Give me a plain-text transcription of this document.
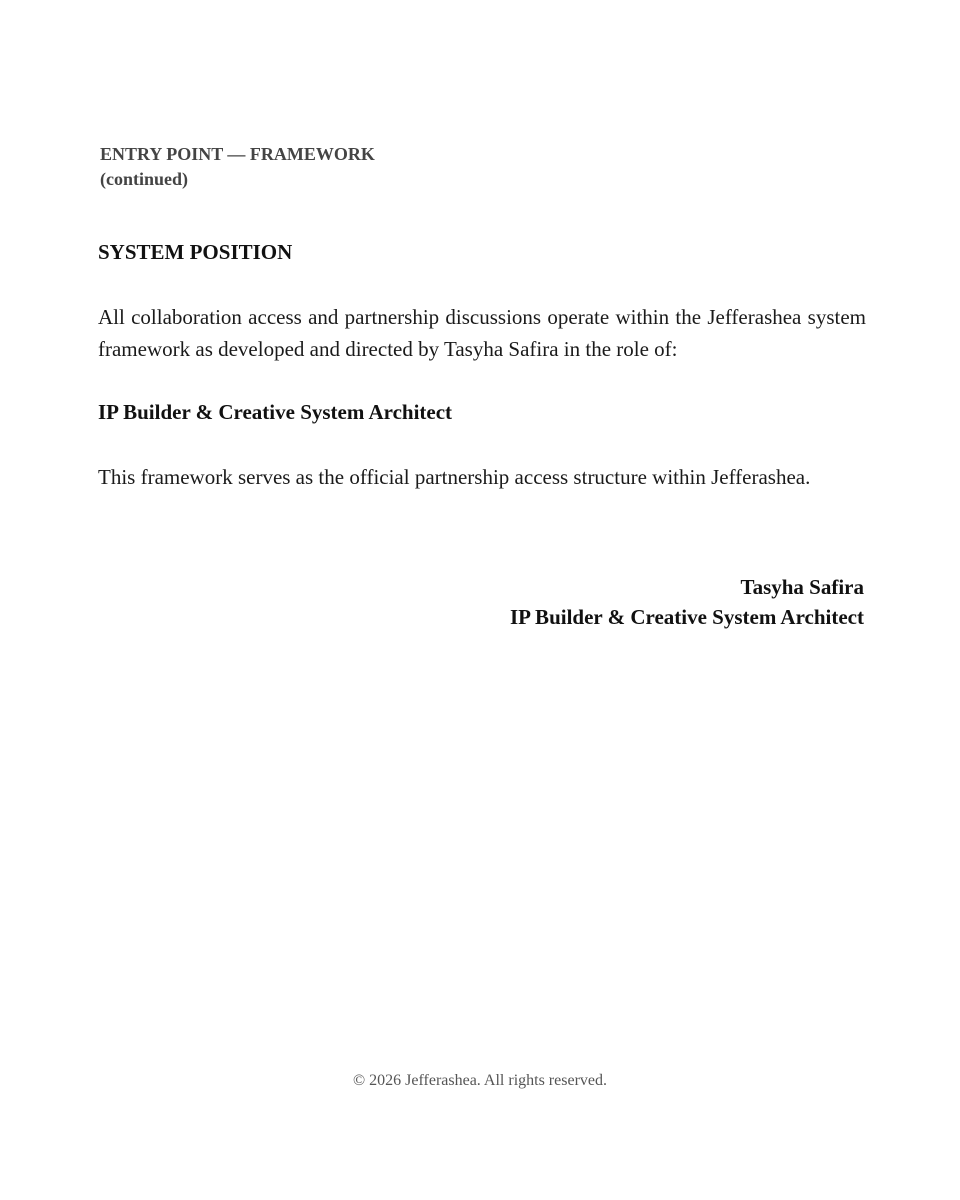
ENTRY POINT — FRAMEWORK

(continued)

SYSTEM POSITION

All collaboration access and partnership discussions operate within the Jefferashea system framework as developed and directed by Tasyha Safira in the role of:

IP Builder & Creative System Architect

This framework serves as the official partnership access structure within Jefferashea.

Tasyha Safira
IP Builder & Creative System Architect

© 2026 Jefferashea. All rights reserved.
